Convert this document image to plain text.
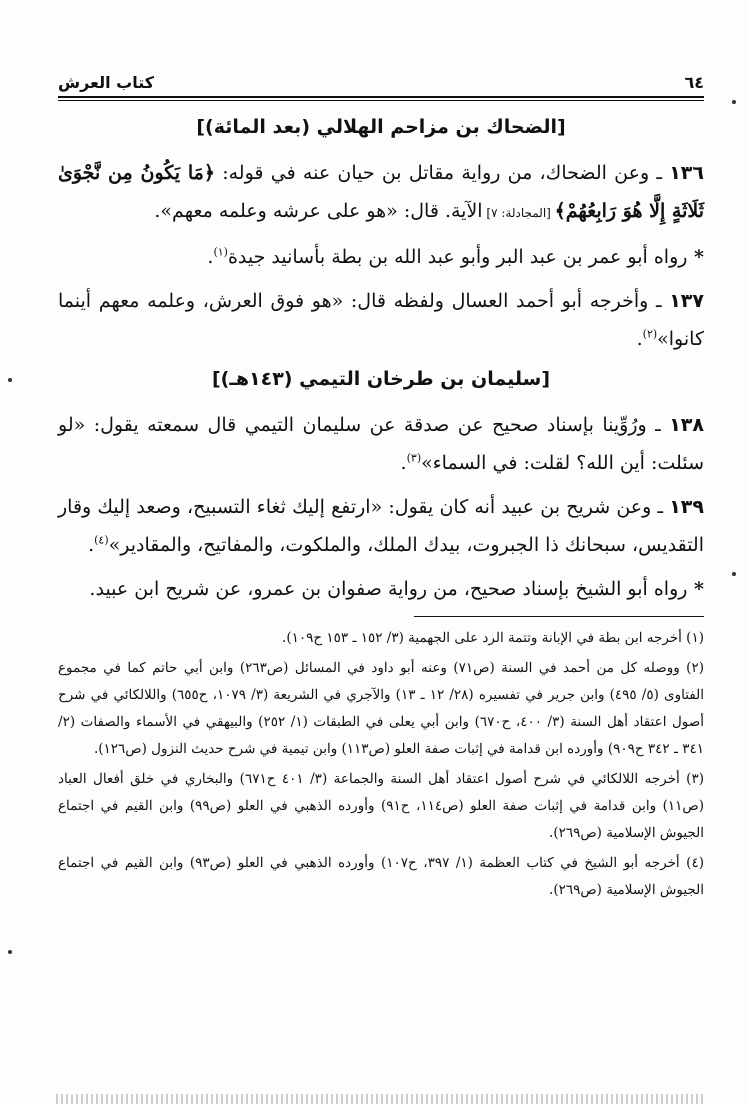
٦٤
كتاب العرش
[الضحاك بن مزاحم الهلالي (بعد المائة)]

١٣٦ ـ وعن الضحاك، من رواية مقاتل بن حيان عنه في قوله: ﴿مَا يَكُونُ مِن نَّجْوَىٰ ثَلَاثَةٍ إِلَّا هُوَ رَابِعُهُمْ﴾ [المجادلة: ٧] الآية. قال: «هو على عرشه وعلمه معهم».

* رواه أبو عمر بن عبد البر وأبو عبد الله بن بطة بأسانيد جيدة$^{(١)}$.

١٣٧ ـ وأخرجه أبو أحمد العسال ولفظه قال: «هو فوق العرش، وعلمه معهم أينما كانوا»$^{(٢)}$.

[سليمان بن طرخان التيمي (١٤٣هـ)]

١٣٨ ـ ورُوِّينا بإسناد صحيح عن صدقة عن سليمان التيمي قال سمعته يقول: «لو سئلت: أين الله؟ لقلت: في السماء»$^{(٣)}$.

١٣٩ ـ وعن شريح بن عبيد أنه كان يقول: «ارتفع إليك ثغاء التسبيح، وصعد إليك وقار التقديس، سبحانك ذا الجبروت، بيدك الملك، والملكوت، والمفاتيح، والمقادير»$^{(٤)}$.

* رواه أبو الشيخ بإسناد صحيح، من رواية صفوان بن عمرو، عن شريح ابن عبيد.

(١) أخرجه ابن بطة في الإبانة وتتمة الرد على الجهمية (٣/ ١٥٢ ـ ١٥٣ ح١٠٩).

(٢) ووصله كل من أحمد في السنة (ص٧١) وعنه أبو داود في المسائل (ص٢٦٣) وابن أبي حاتم كما في مجموع الفتاوى (٥/ ٤٩٥) وابن جرير في تفسيره (٢٨/ ١٢ ـ ١٣) والآجري في الشريعة (٣/ ١٠٧٩، ح٦٥٥) واللالكائي في شرح أصول اعتقاد أهل السنة (٣/ ٤٠٠، ح٦٧٠) وابن أبي يعلى في الطبقات (١/ ٢٥٢) والبيهقي في الأسماء والصفات (٢/ ٣٤١ ـ ٣٤٢ ح٩٠٩) وأورده ابن قدامة في إثبات صفة العلو (ص١١٣) وابن تيمية في شرح حديث النزول (ص١٢٦).

(٣) أخرجه اللالكائي في شرح أصول اعتقاد أهل السنة والجماعة (٣/ ٤٠١ ح٦٧١) والبخاري في خلق أفعال العباد (ص١١) وابن قدامة في إثبات صفة العلو (ص١١٤، ح٩١) وأورده الذهبي في العلو (ص٩٩) وابن القيم في اجتماع الجيوش الإسلامية (ص٢٦٩).

(٤) أخرجه أبو الشيخ في كتاب العظمة (١/ ٣٩٧، ح١٠٧) وأورده الذهبي في العلو (ص٩٣) وابن القيم في اجتماع الجيوش الإسلامية (ص٢٦٩).
